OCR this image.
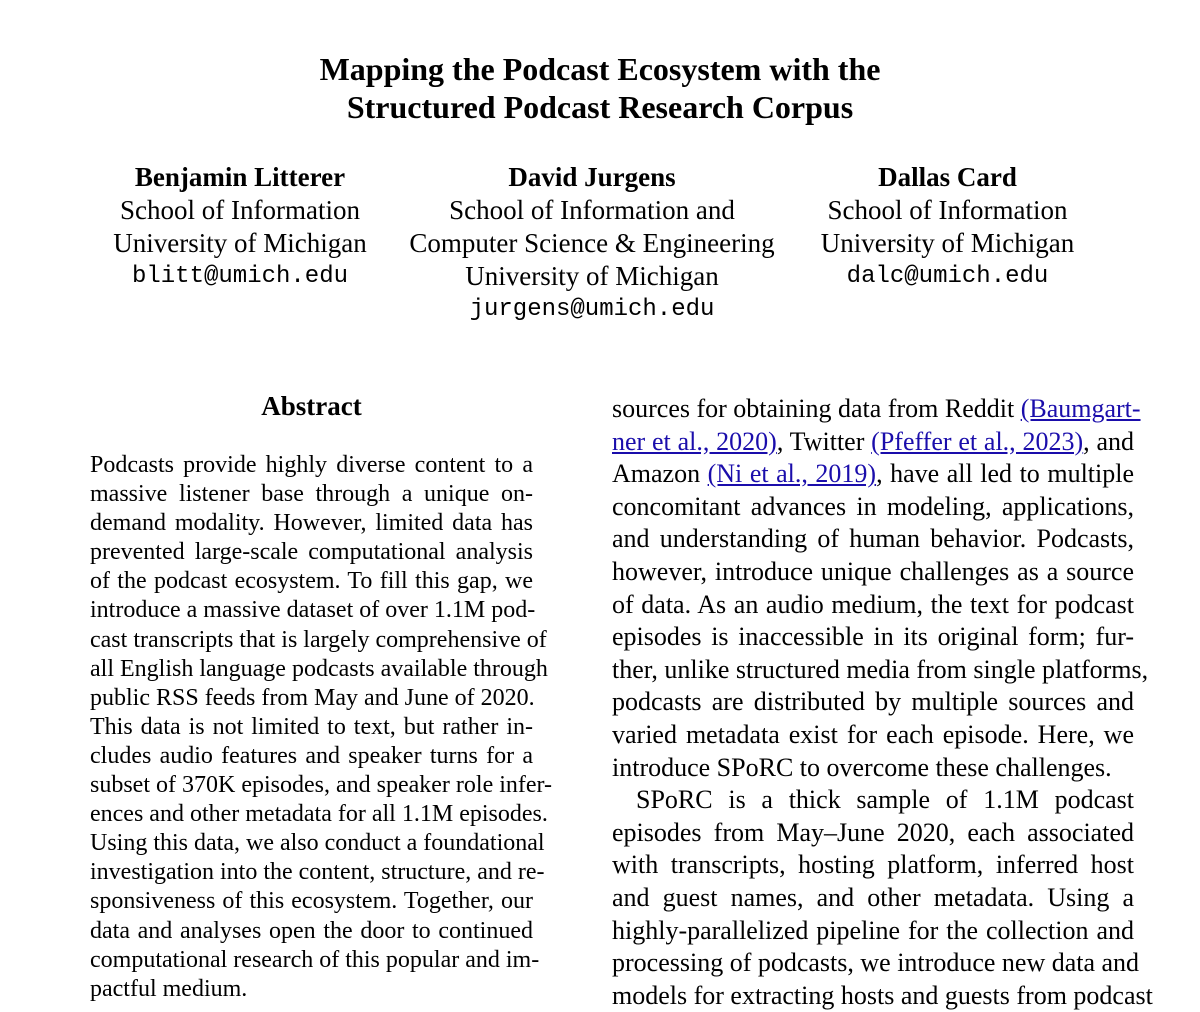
Mapping the Podcast Ecosystem with the
Structured Podcast Research Corpus
Benjamin Litterer
School of Information
University of Michigan
blitt@umich.edu
David Jurgens
School of Information and
Computer Science & Engineering
University of Michigan
jurgens@umich.edu
Dallas Card
School of Information
University of Michigan
dalc@umich.edu
Abstract
Podcasts provide highly diverse content to a
massive listener base through a unique on-
demand modality. However, limited data has
prevented large-scale computational analysis
of the podcast ecosystem. To fill this gap, we
introduce a massive dataset of over 1.1M pod-
cast transcripts that is largely comprehensive of
all English language podcasts available through
public RSS feeds from May and June of 2020.
This data is not limited to text, but rather in-
cludes audio features and speaker turns for a
subset of 370K episodes, and speaker role infer-
ences and other metadata for all 1.1M episodes.
Using this data, we also conduct a foundational
investigation into the content, structure, and re-
sponsiveness of this ecosystem. Together, our
data and analyses open the door to continued
computational research of this popular and im-
pactful medium.
sources for obtaining data from Reddit (Baumgart-
ner et al., 2020), Twitter (Pfeffer et al., 2023), and
Amazon (Ni et al., 2019), have all led to multiple
concomitant advances in modeling, applications,
and understanding of human behavior. Podcasts,
however, introduce unique challenges as a source
of data. As an audio medium, the text for podcast
episodes is inaccessible in its original form; fur-
ther, unlike structured media from single platforms,
podcasts are distributed by multiple sources and
varied metadata exist for each episode. Here, we
introduce SPoRC to overcome these challenges.
SPoRC is a thick sample of 1.1M podcast
episodes from May–June 2020, each associated
with transcripts, hosting platform, inferred host
and guest names, and other metadata. Using a
highly-parallelized pipeline for the collection and
processing of podcasts, we introduce new data and
models for extracting hosts and guests from podcast
